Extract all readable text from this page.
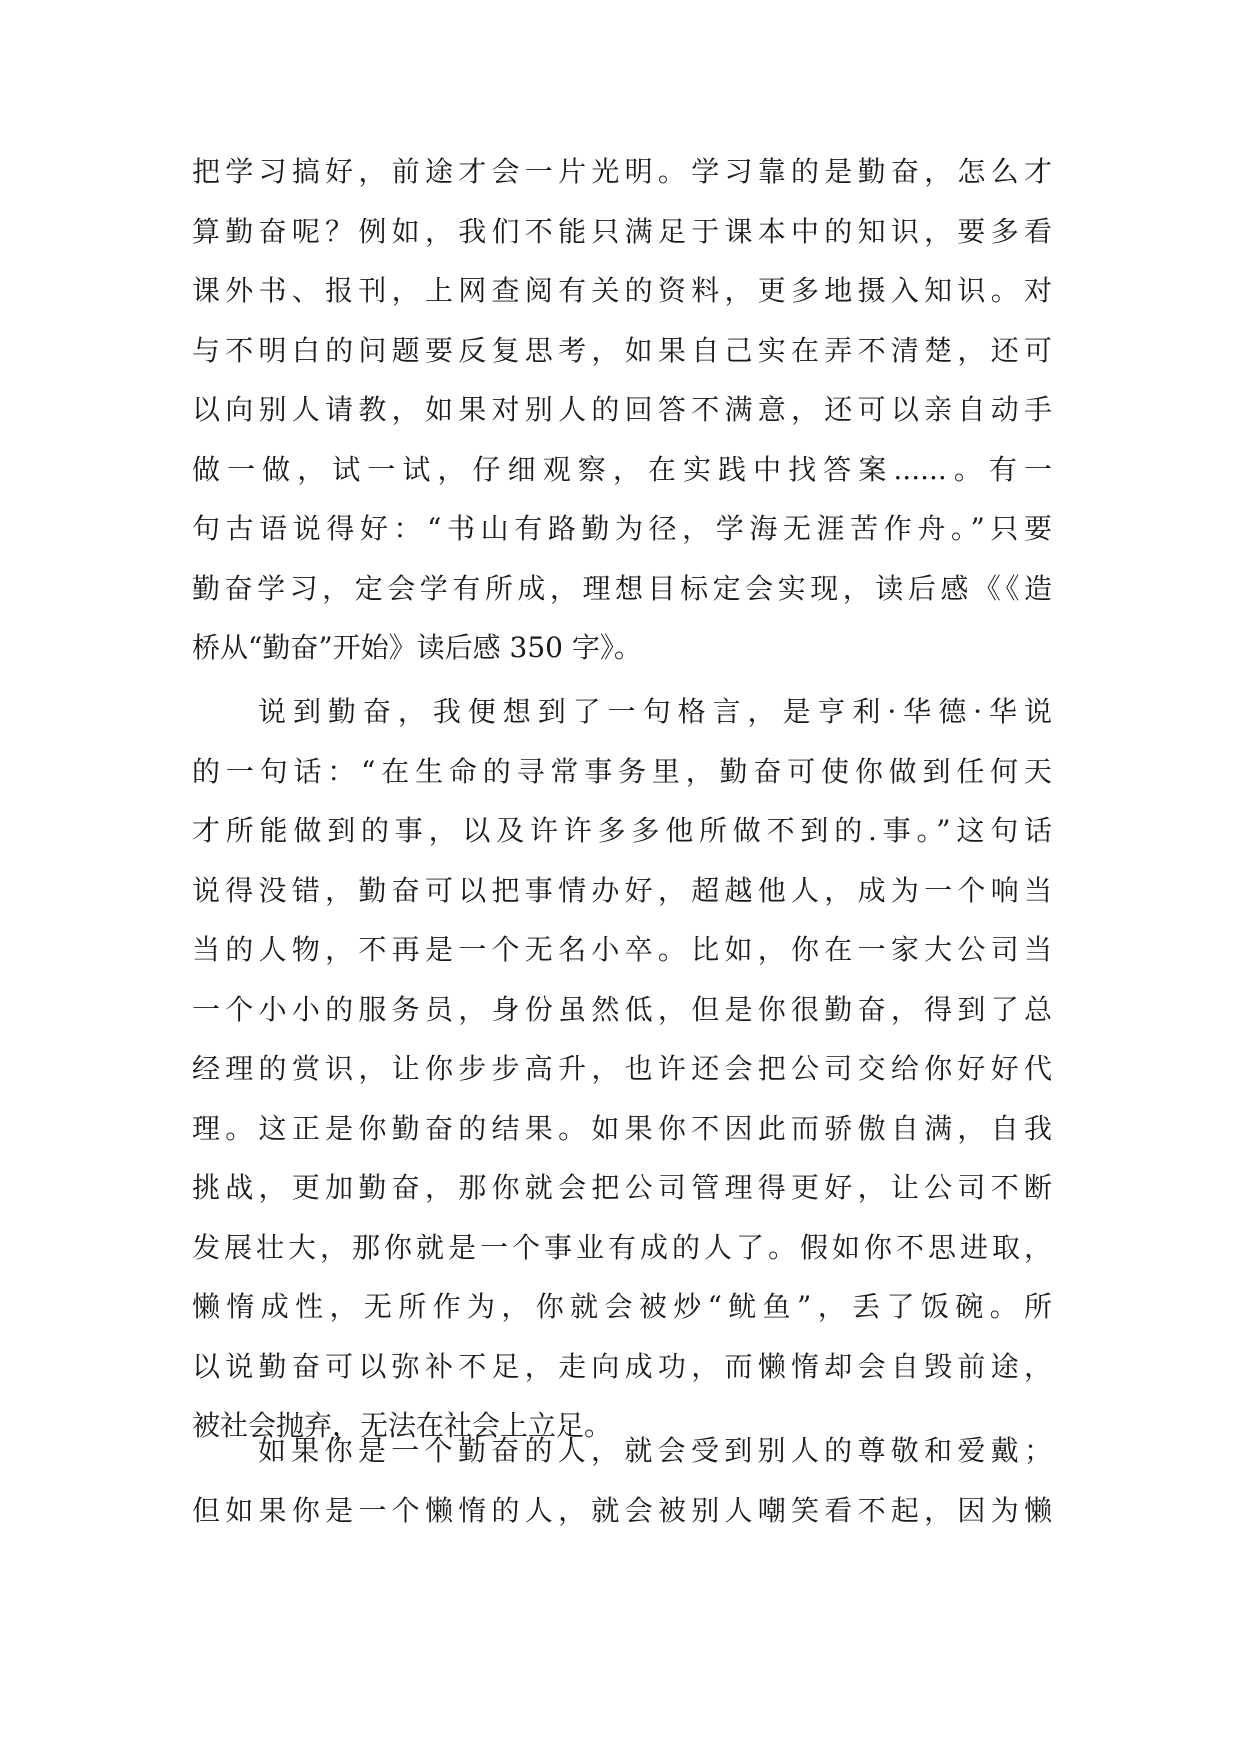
把学习搞好，前途才会一片光明。学习靠的是勤奋，怎么才
算勤奋呢？例如，我们不能只满足于课本中的知识，要多看
课外书、报刊，上网查阅有关的资料，更多地摄入知识。对
与不明白的问题要反复思考，如果自己实在弄不清楚，还可
以向别人请教，如果对别人的回答不满意，还可以亲自动手
做一做，试一试，仔细观察，在实践中找答案......。有一
句古语说得好：“书山有路勤为径，学海无涯苦作舟。”只要
勤奋学习，定会学有所成，理想目标定会实现，读后感《《造
桥从“勤奋”开始》读后感 350 字》。
说到勤奋，我便想到了一句格言，是亨利·华德·华说
的一句话：“在生命的寻常事务里，勤奋可使你做到任何天
才所能做到的事，以及许许多多他所做不到的.事。”这句话
说得没错，勤奋可以把事情办好，超越他人，成为一个响当
当的人物，不再是一个无名小卒。比如，你在一家大公司当
一个小小的服务员，身份虽然低，但是你很勤奋，得到了总
经理的赏识，让你步步高升，也许还会把公司交给你好好代
理。这正是你勤奋的结果。如果你不因此而骄傲自满，自我
挑战，更加勤奋，那你就会把公司管理得更好，让公司不断
发展壮大，那你就是一个事业有成的人了。假如你不思进取，
懒惰成性，无所作为，你就会被炒“鱿鱼”，丢了饭碗。所
以说勤奋可以弥补不足，走向成功，而懒惰却会自毁前途，
被社会抛弃，无法在社会上立足。
如果你是一个勤奋的人，就会受到别人的尊敬和爱戴；
但如果你是一个懒惰的人，就会被别人嘲笑看不起，因为懒
